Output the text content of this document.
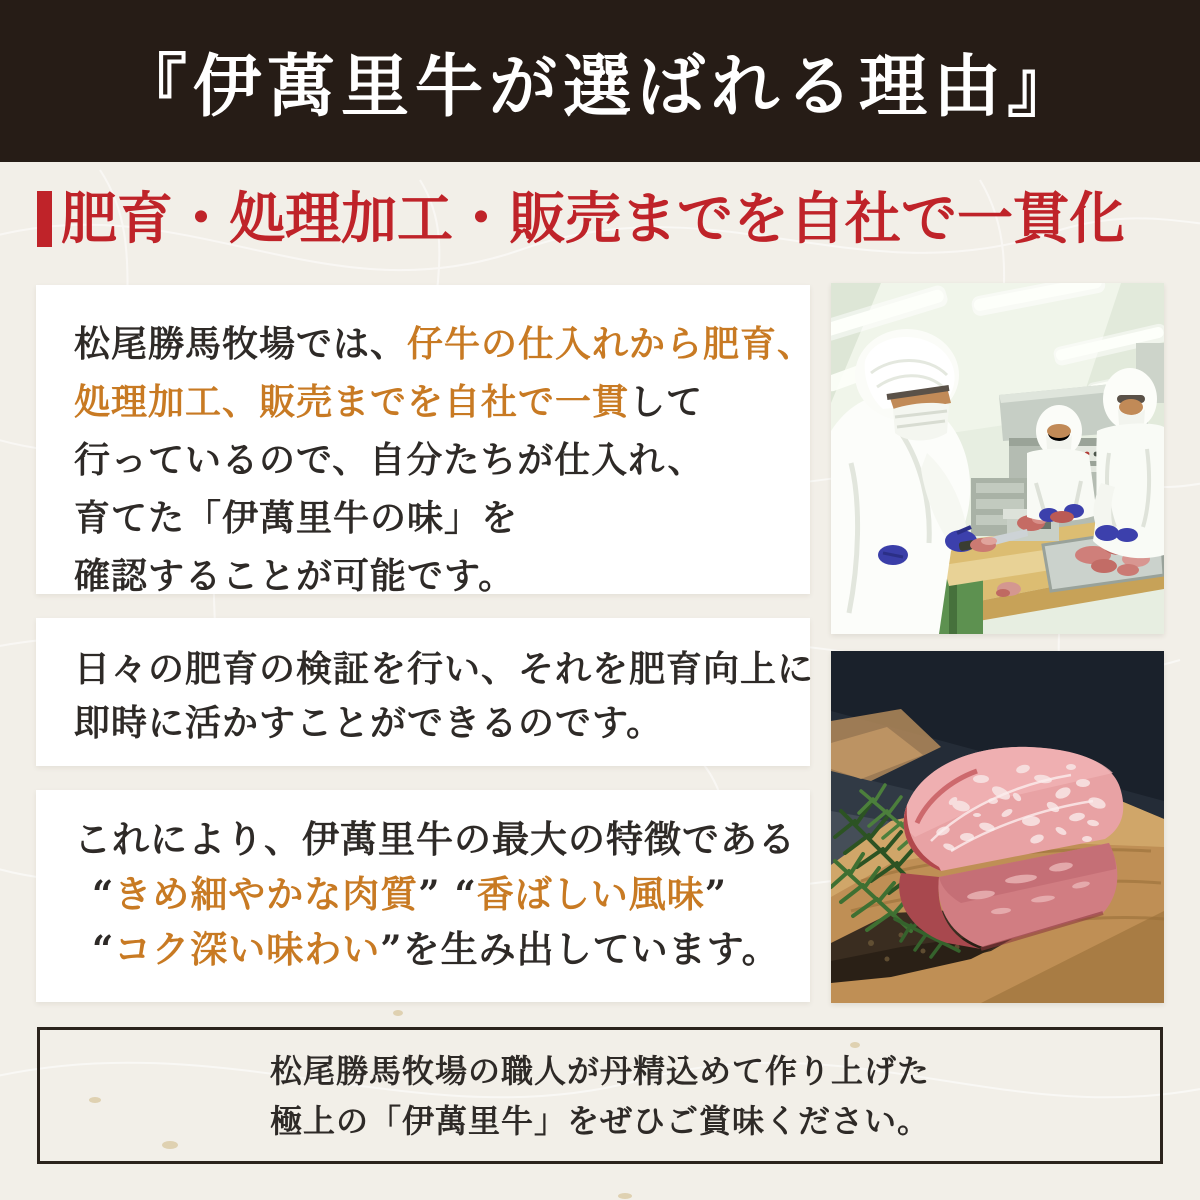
『伊萬里牛が選ばれる理由』
肥育・処理加工・販売までを自社で一貫化
松尾勝馬牧場では、仔牛の仕入れから肥育、
処理加工、販売までを自社で一貫して
行っているので、自分たちが仕入れ、
育てた「伊萬里牛の味」を
確認することが可能です。
日々の肥育の検証を行い、それを肥育向上に
即時に活かすことができるのです。
これにより、伊萬里牛の最大の特徴である
“きめ細やかな肉質” “香ばしい風味”
“コク深い味わい”を生み出しています。
松尾勝馬牧場の職人が丹精込めて作り上げた
極上の「伊萬里牛」をぜひご賞味ください。
